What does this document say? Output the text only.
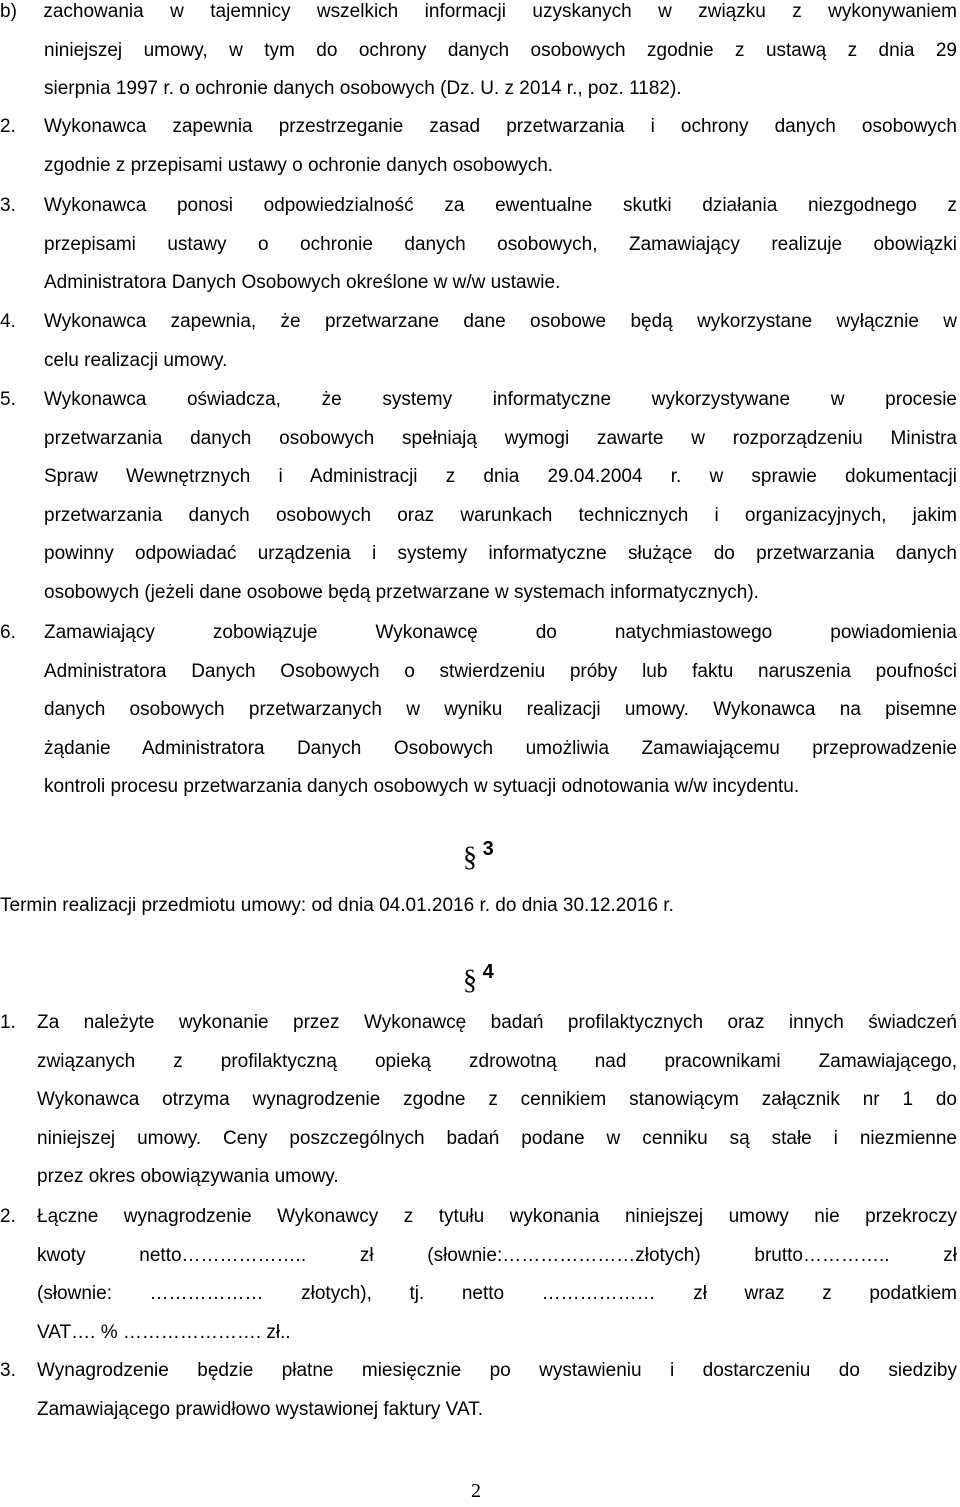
b) zachowania w tajemnicy wszelkich informacji uzyskanych w związku z wykonywaniem
niniejszej umowy, w tym do ochrony danych osobowych zgodnie z ustawą z dnia 29
sierpnia 1997 r. o ochronie danych osobowych (Dz. U. z 2014 r., poz. 1182).
2. Wykonawca zapewnia przestrzeganie zasad przetwarzania i ochrony danych osobowych
zgodnie z przepisami ustawy o ochronie danych osobowych.
3. Wykonawca ponosi odpowiedzialność za ewentualne skutki działania niezgodnego z
przepisami ustawy o ochronie danych osobowych, Zamawiający realizuje obowiązki
Administratora Danych Osobowych określone w w/w ustawie.
4. Wykonawca zapewnia, że przetwarzane dane osobowe będą wykorzystane wyłącznie w
celu realizacji umowy.
5. Wykonawca oświadcza, że systemy informatyczne wykorzystywane w procesie
przetwarzania danych osobowych spełniają wymogi zawarte w rozporządzeniu Ministra
Spraw Wewnętrznych i Administracji z dnia 29.04.2004 r. w sprawie dokumentacji
przetwarzania danych osobowych oraz warunkach technicznych i organizacyjnych, jakim
powinny odpowiadać urządzenia i systemy informatyczne służące do przetwarzania danych
osobowych (jeżeli dane osobowe będą przetwarzane w systemach informatycznych).
6. Zamawiający zobowiązuje Wykonawcę do natychmiastowego powiadomienia
Administratora Danych Osobowych o stwierdzeniu próby lub faktu naruszenia poufności
danych osobowych przetwarzanych w wyniku realizacji umowy. Wykonawca na pisemne
żądanie Administratora Danych Osobowych umożliwia Zamawiającemu przeprowadzenie
kontroli procesu przetwarzania danych osobowych w sytuacji odnotowania w/w incydentu.
§ 3
Termin realizacji przedmiotu umowy: od dnia 04.01.2016 r. do dnia 30.12.2016 r.
§ 4
1. Za należyte wykonanie przez Wykonawcę badań profilaktycznych oraz innych świadczeń
związanych z profilaktyczną opieką zdrowotną nad pracownikami Zamawiającego,
Wykonawca otrzyma wynagrodzenie zgodne z cennikiem stanowiącym załącznik nr 1 do
niniejszej umowy. Ceny poszczególnych badań podane w cenniku są stałe i niezmienne
przez okres obowiązywania umowy.
2. Łączne wynagrodzenie Wykonawcy z tytułu wykonania niniejszej umowy nie przekroczy
kwoty netto……………….. zł (słownie:…………………złotych) brutto………….. zł
(słownie: ……………… złotych), tj. netto ……………… zł wraz z podatkiem
VAT…. % …………………. zł..
3. Wynagrodzenie będzie płatne miesięcznie po wystawieniu i dostarczeniu do siedziby
Zamawiającego prawidłowo wystawionej faktury VAT.
2
